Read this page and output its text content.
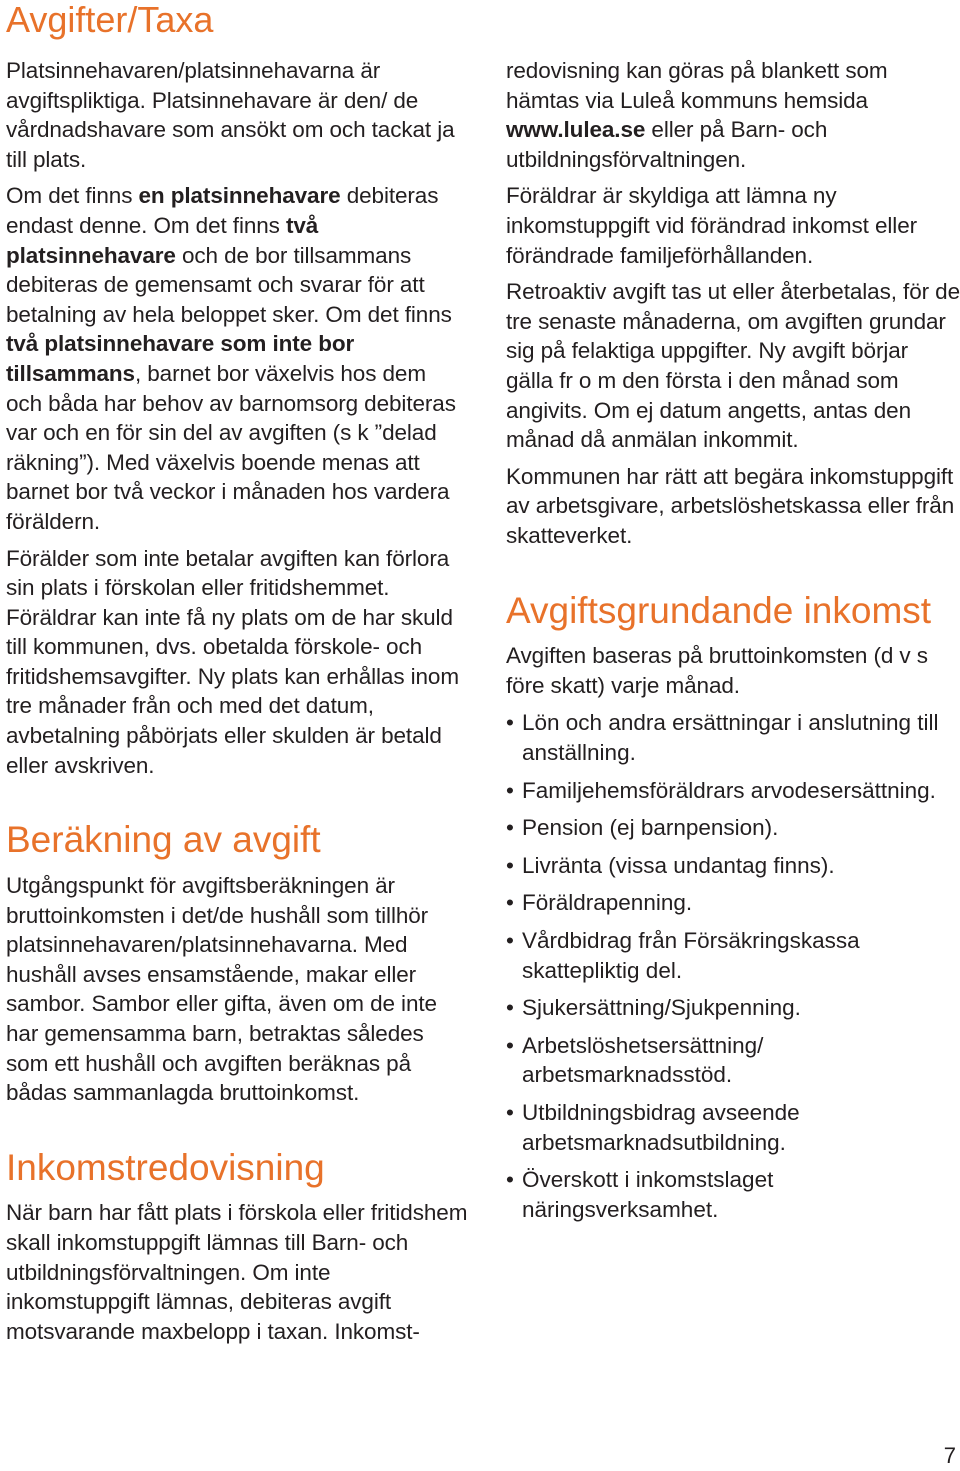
Avgifter/Taxa

Platsinnehavaren/platsinnehavarna är avgiftspliktiga. Platsinnehavare är den/ de vårdnadshavare som ansökt om och tackat ja till plats.

Om det finns en platsinnehavare debiteras endast denne. Om det finns två platsinnehavare och de bor tillsammans debiteras de gemensamt och svarar för att betalning av hela beloppet sker. Om det finns två platsinnehavare som inte bor tillsammans, barnet bor växelvis hos dem och båda har behov av barnomsorg debiteras var och en för sin del av avgiften (s k ”delad räkning”). Med växelvis boende menas att barnet bor två veckor i månaden hos vardera föräldern.

Förälder som inte betalar avgiften kan förlora sin plats i förskolan eller fritidshemmet. Föräldrar kan inte få ny plats om de har skuld till kommunen, dvs. obetalda förskole- och fritidshemsavgifter. Ny plats kan erhållas inom tre månader från och med det datum, avbetalning påbörjats eller skulden är betald eller avskriven.

Beräkning av avgift

Utgångspunkt för avgiftsberäkningen är bruttoinkomsten i det/de hushåll som tillhör platsinnehavaren/platsinnehavarna. Med hushåll avses ensamstående, makar eller sambor. Sambor eller gifta, även om de inte har gemensamma barn, betraktas således som ett hushåll och avgiften beräknas på bådas sammanlagda bruttoinkomst.

Inkomstredovisning

När barn har fått plats i förskola eller fritidshem skall inkomstuppgift lämnas till Barn- och utbildningsförvaltningen. Om inte inkomstuppgift lämnas, debiteras avgift motsvarande maxbelopp i taxan. Inkomst-

redovisning kan göras på blankett som hämtas via Luleå kommuns hemsida www.lulea.se eller på Barn- och utbildningsförvaltningen.

Föräldrar är skyldiga att lämna ny inkomstuppgift vid förändrad inkomst eller förändrade familjeförhållanden.

Retroaktiv avgift tas ut eller återbetalas, för de tre senaste månaderna, om avgiften grundar sig på felaktiga uppgifter. Ny avgift börjar gälla fr o m den första i den månad som angivits. Om ej datum angetts, antas den månad då anmälan inkommit.

Kommunen har rätt att begära inkomstuppgift av arbetsgivare, arbetslöshetskassa eller från skatteverket.

Avgiftsgrundande inkomst

Avgiften baseras på bruttoinkomsten (d v s före skatt) varje månad.

• Lön och andra ersättningar i anslutning till anställning.
• Familjehemsföräldrars arvodesersättning.
• Pension (ej barnpension).
• Livränta (vissa undantag finns).
• Föräldrapenning.
• Vårdbidrag från Försäkringskassa skattepliktig del.
• Sjukersättning/Sjukpenning.
• Arbetslöshetsersättning/ arbetsmarknadsstöd.
• Utbildningsbidrag avseende arbetsmarknadsutbildning.
• Överskott i inkomstslaget näringsverksamhet.
7
